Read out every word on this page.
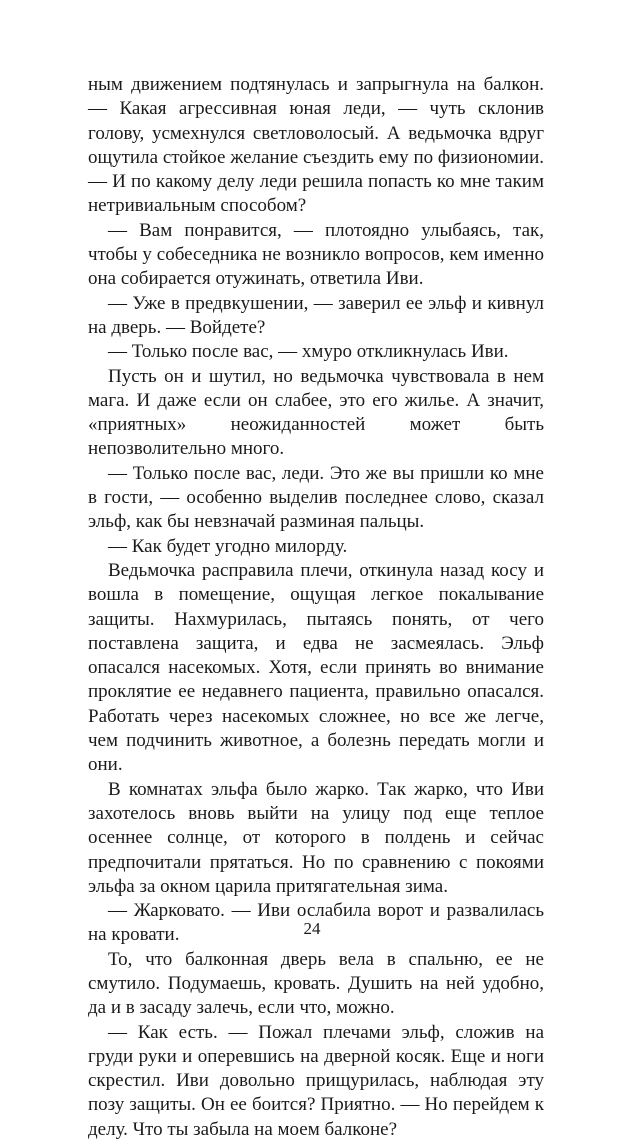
ным движением подтянулась и запрыгнула на балкон. — Какая агрессивная юная леди, — чуть склонив голову, усмехнулся светловолосый. А ведьмочка вдруг ощутила стойкое желание съездить ему по физиономии. — И по какому делу леди решила попасть ко мне таким нетривиальным способом?

— Вам понравится, — плотоядно улыбаясь, так, чтобы у собеседника не возникло вопросов, кем именно она собирается отужинать, ответила Иви.

— Уже в предвкушении, — заверил ее эльф и кивнул на дверь. — Войдете?

— Только после вас, — хмуро откликнулась Иви.

Пусть он и шутил, но ведьмочка чувствовала в нем мага. И даже если он слабее, это его жилье. А значит, «приятных» неожиданностей может быть непозволительно много.

— Только после вас, леди. Это же вы пришли ко мне в гости, — особенно выделив последнее слово, сказал эльф, как бы невзначай разминая пальцы.

— Как будет угодно милорду.

Ведьмочка расправила плечи, откинула назад косу и вошла в помещение, ощущая легкое покалывание защиты. Нахмурилась, пытаясь понять, от чего поставлена защита, и едва не засмеялась. Эльф опасался насекомых. Хотя, если принять во внимание проклятие ее недавнего пациента, правильно опасался. Работать через насекомых сложнее, но все же легче, чем подчинить животное, а болезнь передать могли и они.

В комнатах эльфа было жарко. Так жарко, что Иви захотелось вновь выйти на улицу под еще теплое осеннее солнце, от которого в полдень и сейчас предпочитали прятаться. Но по сравнению с покоями эльфа за окном царила притягательная зима.

— Жарковато. — Иви ослабила ворот и развалилась на кровати.

То, что балконная дверь вела в спальню, ее не смутило. Подумаешь, кровать. Душить на ней удобно, да и в засаду залечь, если что, можно.

— Как есть. — Пожал плечами эльф, сложив на груди руки и оперевшись на дверной косяк. Еще и ноги скрестил. Иви довольно прищурилась, наблюдая эту позу защиты. Он ее боится? Приятно. — Но перейдем к делу. Что ты забыла на моем балконе?

24
